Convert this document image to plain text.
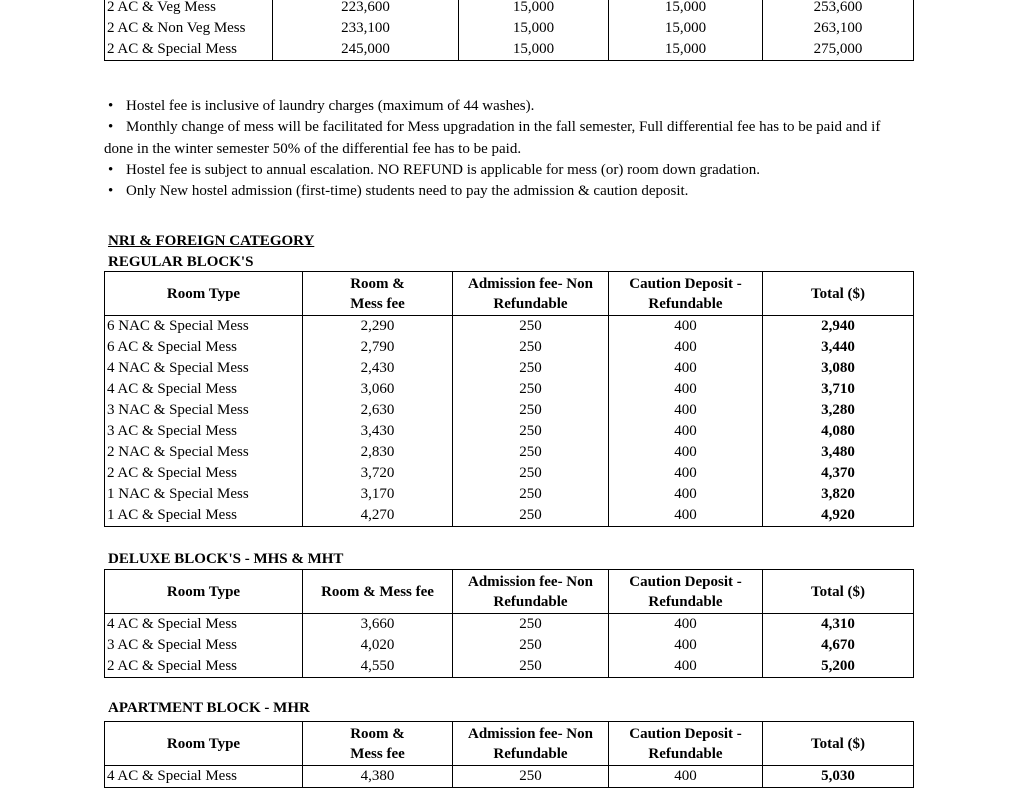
2 AC & Veg Mess	223,600	15,000	15,000	253,600
2 AC & Non Veg Mess	233,100	15,000	15,000	263,100
2 AC & Special Mess	245,000	15,000	15,000	275,000

• Hostel fee is inclusive of laundry charges (maximum of 44 washes).

• Monthly change of mess will be facilitated for Mess upgradation in the fall semester, Full differential fee has to be paid and if done in the winter semester 50% of the differential fee has to be paid.

• Hostel fee is subject to annual escalation. NO REFUND is applicable for mess (or) room down gradation.

• Only New hostel admission (first-time) students need to pay the admission & caution deposit.

NRI & FOREIGN CATEGORY
REGULAR BLOCK'S
Room Type	Room & Mess fee	Admission fee- Non Refundable	Caution Deposit - Refundable	Total ($)
6 NAC & Special Mess	2,290	250	400	2,940
6 AC & Special Mess	2,790	250	400	3,440
4 NAC & Special Mess	2,430	250	400	3,080
4 AC & Special Mess	3,060	250	400	3,710
3 NAC & Special Mess	2,630	250	400	3,280
3 AC & Special Mess	3,430	250	400	4,080
2 NAC & Special Mess	2,830	250	400	3,480
2 AC & Special Mess	3,720	250	400	4,370
1 NAC & Special Mess	3,170	250	400	3,820
1 AC & Special Mess	4,270	250	400	4,920
DELUXE BLOCK'S - MHS & MHT
Room Type	Room & Mess fee	Admission fee- Non Refundable	Caution Deposit - Refundable	Total ($)
4 AC & Special Mess	3,660	250	400	4,310
3 AC & Special Mess	4,020	250	400	4,670
2 AC & Special Mess	4,550	250	400	5,200
APARTMENT BLOCK - MHR
Room Type	Room & Mess fee	Admission fee- Non Refundable	Caution Deposit - Refundable	Total ($)
4 AC & Special Mess	4,380	250	400	5,030
